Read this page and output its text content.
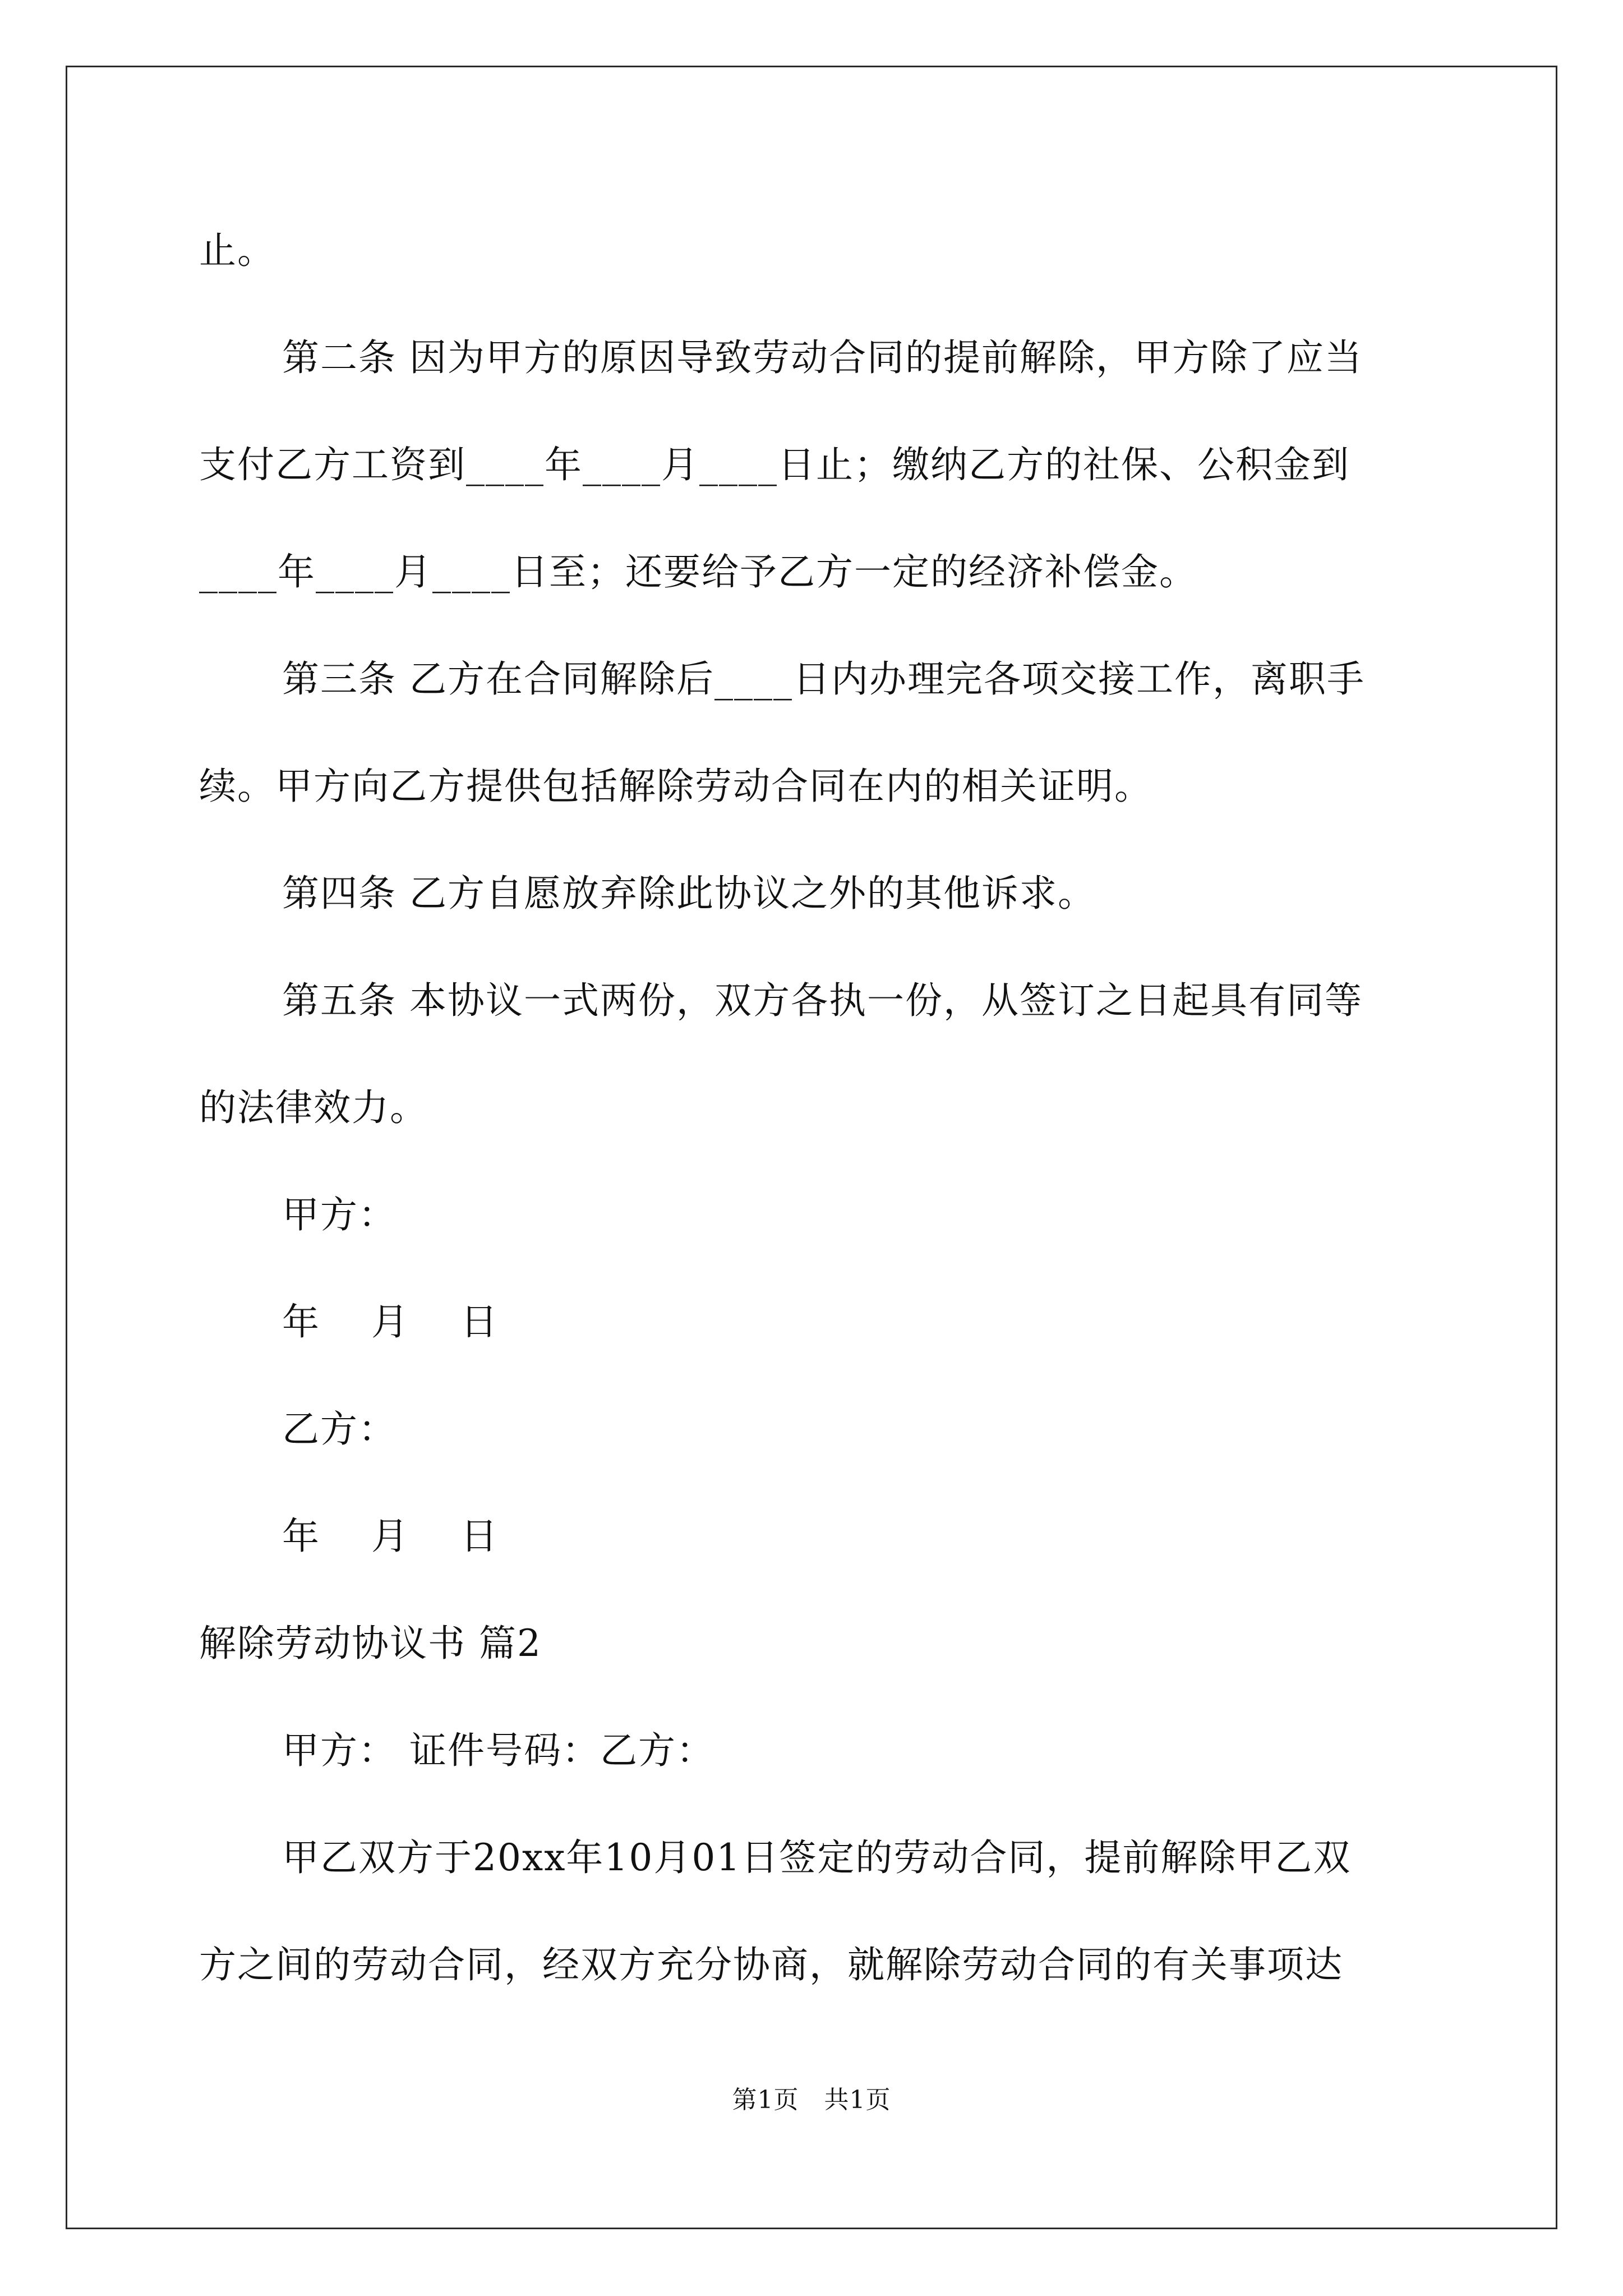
止。
第二条 因为甲方的原因导致劳动合同的提前解除，甲方除了应当
支付乙方工资到____年____月____日止；缴纳乙方的社保、公积金到
____年____月____日至；还要给予乙方一定的经济补偿金。
第三条 乙方在合同解除后____日内办理完各项交接工作，离职手
续。甲方向乙方提供包括解除劳动合同在内的相关证明。
第四条 乙方自愿放弃除此协议之外的其他诉求。
第五条 本协议一式两份，双方各执一份，从签订之日起具有同等
的法律效力。
甲方：
年　 月　 日
乙方：
年　 月　 日
解除劳动协议书 篇2
甲方： 证件号码：乙方：
甲乙双方于20xx年10月01日签定的劳动合同，提前解除甲乙双
方之间的劳动合同，经双方充分协商，就解除劳动合同的有关事项达
第1页　共1页
